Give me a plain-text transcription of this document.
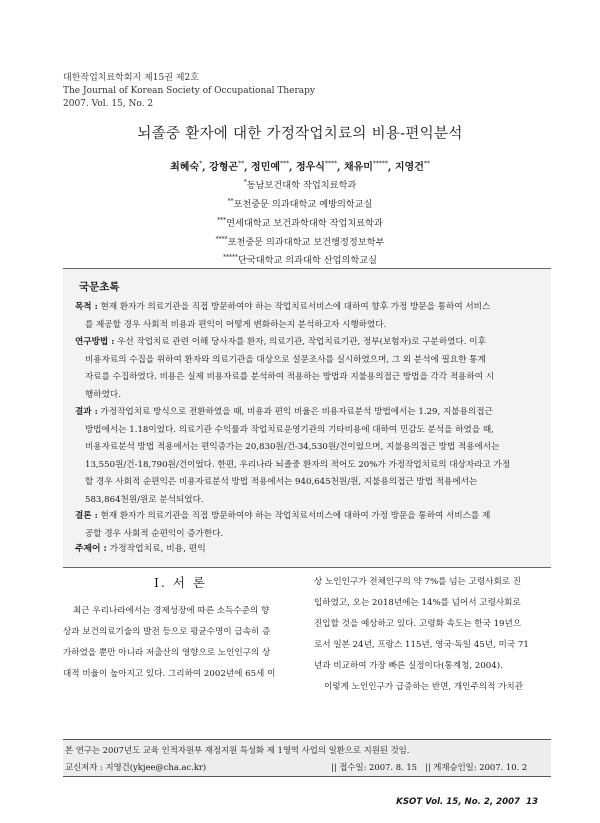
대한작업치료학회지 제15권 제2호
The Journal of Korean Society of Occupational Therapy
2007. Vol. 15, No. 2
뇌졸중 환자에 대한 가정작업치료의 비용-편익분석
최혜숙*, 강형곤**, 정민예***, 정우식****, 채유미*****, 지영건**
*동남보건대학 작업치료학과
**포천중문 의과대학교 예방의학교실
***연세대학교 보건과학대학 작업치료학과
****포천중문 의과대학교 보건행정정보학부
*****단국대학교 의과대학 산업의학교실
국문초록
목적 : 현재 환자가 의료기관을 직접 방문하여야 하는 작업치료서비스에 대하여 향후 가정 방문을 통하여 서비스
를 제공할 경우 사회적 비용과 편익이 어떻게 변화하는지 분석하고자 시행하였다.
연구방법 : 우선 작업치료 관련 이해 당사자를 환자, 의료기관, 작업치료기관, 정부(보험자)로 구분하였다. 이후
비용자료의 수집을 위하여 환자와 의료기관을 대상으로 설문조사를 실시하였으며, 그 외 분석에 필요한 통계
자료를 수집하였다. 비용은 실제 비용자료를 분석하여 적용하는 방법과 지불용의접근 방법을 각각 적용하여 시
행하였다.
결과 : 가정작업치료 방식으로 전환하였을 때, 비용과 편익 비율은 비용자료분석 방법에서는 1.29, 지불용의접근
방법에서는 1.18이었다. 의료기관 수익률과 작업치료운영기관의 기타비용에 대하여 민감도 분석을 하였을 때,
비용자료분석 방법 적용에서는 편익증가는 20,830원/건-34,530원/건이었으며, 지불용의접근 방법 적용에서는
13,550원/건-18,790원/건이었다. 한편, 우리나라 뇌졸중 환자의 적어도 20%가 가정작업치료의 대상자라고 가정
할 경우 사회적 순편익은 비용자료분석 방법 적용에서는 940,645천원/원, 지불용의접근 방법 적용에서는
583,864천원/원로 분석되었다.
결론 : 현재 환자가 의료기관을 직접 방문하여야 하는 작업치료서비스에 대하여 가정 방문을 통하여 서비스를 제
공할 경우 사회적 순편익이 증가한다.
주제어 : 가정작업치료, 비용, 편익
Ⅰ. 서 론
최근 우리나라에서는 경제성장에 따른 소득수준의 향
상과 보건의료기술의 발전 등으로 평균수명이 급속히 증
가하였을 뿐만 아니라 저출산의 영향으로 노인인구의 상
대적 비율이 높아지고 있다. 그리하여 2002년에 65세 이
상 노인인구가 전체인구의 약 7%를 넘는 고령사회로 진
입하였고, 오는 2018년에는 14%를 넘어서 고령사회로
진입할 것을 예상하고 있다. 고령화 속도는 한국 19년으
로서 일본 24년, 프랑스 115년, 영국·독일 45년, 미국 71
년과 비교하여 가장 빠른 실정이다(통계청, 2004).
이렇게 노인인구가 급증하는 반면, 개인주의적 가치관
본 연구는 2007년도 교육 인적자원부 재정지원 특성화 제 1영역 사업의 일환으로 지원된 것임.
교신저자 : 지영건(ykjee@cha.ac.kr)	|| 접수일: 2007. 8. 15 || 게재승인일: 2007. 10. 2
KSOT Vol. 15, No. 2, 2007 13
